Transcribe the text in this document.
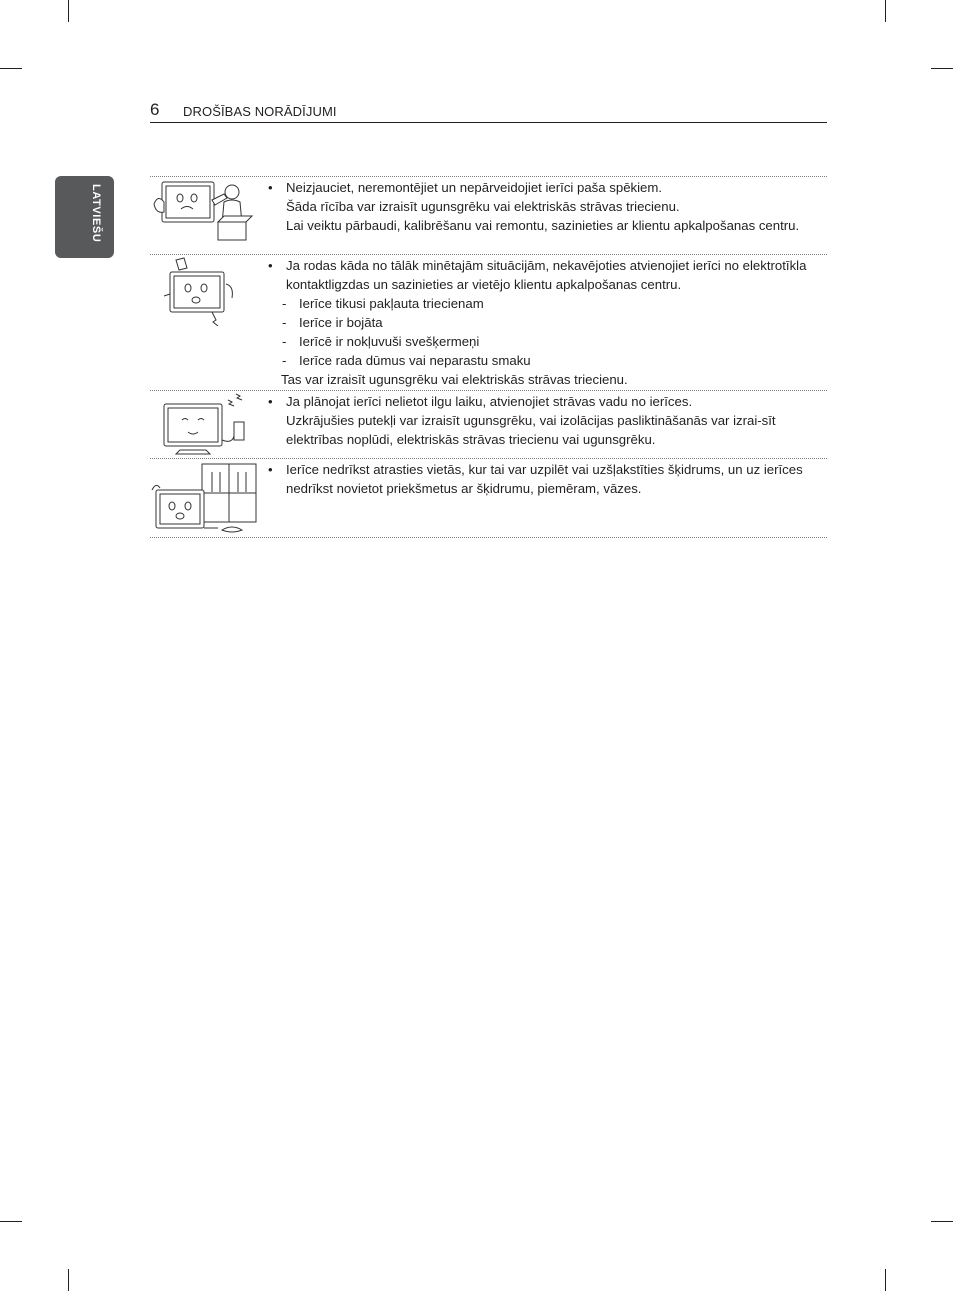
6 DROŠĪBAS NORĀDĪJUMI
LATVIEŠU	• Neizjauciet, neremontējiet un nepārveidojiet ierīci paša spēkiem.

Šāda rīcība var izraisīt ugunsgrēku vai elektriskās strāvas triecienu.

Lai veiktu pārbaudi, kalibrēšanu vai remontu, sazinieties ar klientu apkalpošanas centru.

• Ja rodas kāda no tālāk minētajām situācijām, nekavējoties atvienojiet ierīci no elektrotīkla kontaktligzdas un sazinieties ar vietējo klientu apkalpošanas centru.

- Ierīce tikusi pakļauta triecienam
- Ierīce ir bojāta
- Ierīcē ir nokļuvuši svešķermeņi
- Ierīce rada dūmus vai neparastu smaku

Tas var izraisīt ugunsgrēku vai elektriskās strāvas triecienu.

• Ja plānojat ierīci nelietot ilgu laiku, atvienojiet strāvas vadu no ierīces.

Uzkrājušies putekļi var izraisīt ugunsgrēku, vai izolācijas pasliktināšanās var izrai-sīt elektrības noplūdi, elektriskās strāvas triecienu vai ugunsgrēku.

• Ierīce nedrīkst atrasties vietās, kur tai var uzpilēt vai uzšļakstīties šķidrums, un uz ierīces nedrīkst novietot priekšmetus ar šķidrumu, piemēram, vāzes.
